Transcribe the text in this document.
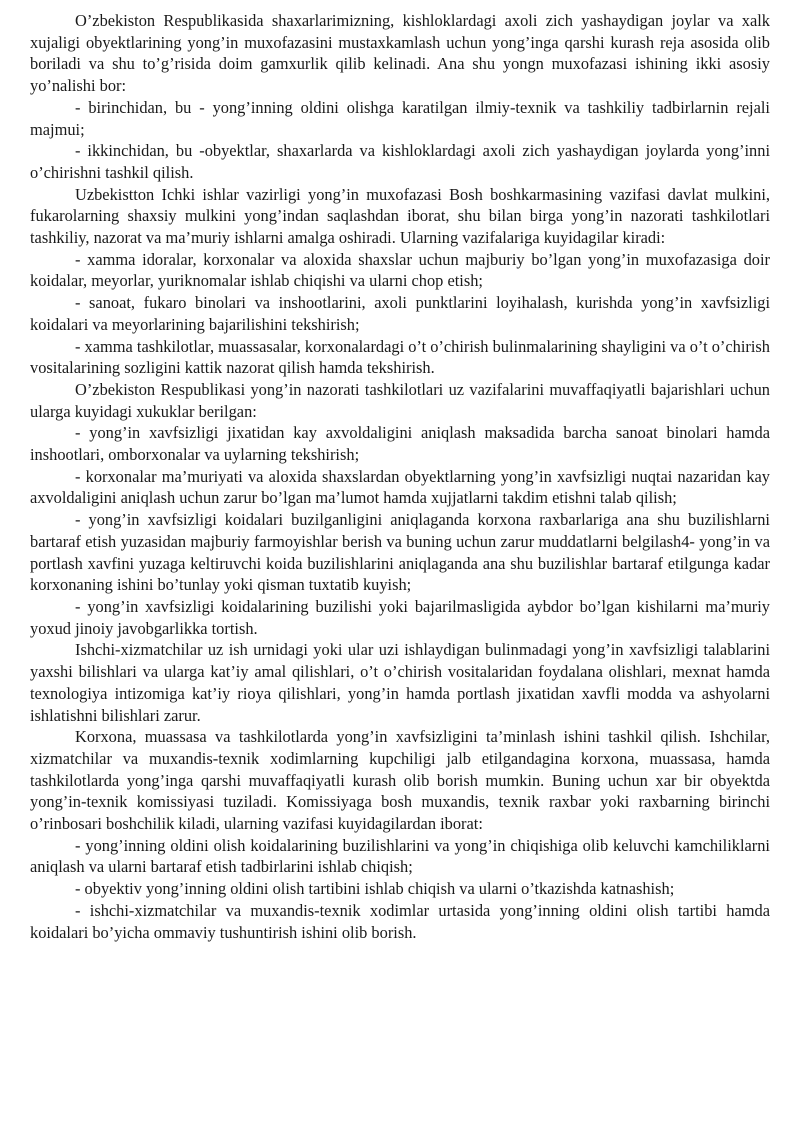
O’zbekiston Respublikasida shaxarlarimizning, kishloklardagi axoli zich yashaydigan joylar va xalk xujaligi obyektlarining yong’in muxofazasini mustaxkamlash uchun yong’inga qarshi kurash reja asosida olib boriladi va shu to’g’risida doim gamxurlik qilib kelinadi. Ana shu yongn muxofazasi ishining ikki asosiy yo’nalishi bor:

- birinchidan, bu - yong’inning oldini olishga karatilgan ilmiy-texnik va tashkiliy tadbirlarnin rejali majmui;

- ikkinchidan, bu -obyektlar, shaxarlarda va kishloklardagi axoli zich yashaydigan joylarda yong’inni o’chirishni tashkil qilish.

Uzbekistton Ichki ishlar vazirligi yong’in muxofazasi Bosh boshkarmasining vazifasi davlat mulkini, fukarolarning shaxsiy mulkini yong’indan saqlashdan iborat, shu bilan birga yong’in nazorati tashkilotlari tashkiliy, nazorat va ma’muriy ishlarni amalga oshiradi. Ularning vazifalariga kuyidagilar kiradi:

- xamma idoralar, korxonalar va aloxida shaxslar uchun majburiy bo’lgan yong’in muxofazasiga doir koidalar, meyorlar, yuriknomalar ishlab chiqishi va ularni chop etish;

- sanoat, fukaro binolari va inshootlarini, axoli punktlarini loyihalash, kurishda yong’in xavfsizligi koidalari va meyorlarining bajarilishini tekshirish;

- xamma tashkilotlar, muassasalar, korxonalardagi o’t o’chirish bulinmalarining shayligini va o’t o’chirish vositalarining sozligini kattik nazorat qilish hamda tekshirish.

O’zbekiston Respublikasi yong’in nazorati tashkilotlari uz vazifalarini muvaffaqiyatli bajarishlari uchun ularga kuyidagi xukuklar berilgan:

- yong’in xavfsizligi jixatidan kay axvoldaligini aniqlash maksadida barcha sanoat binolari hamda inshootlari, omborxonalar va uylarning tekshirish;

- korxonalar ma’muriyati va aloxida shaxslardan obyektlarning yong’in xavfsizligi nuqtai nazaridan kay axvoldaligini aniqlash uchun zarur bo’lgan ma’lumot hamda xujjatlarni takdim etishni talab qilish;

- yong’in xavfsizligi koidalari buzilganligini aniqlaganda korxona raxbarlariga ana shu buzilishlarni bartaraf etish yuzasidan majburiy farmoyishlar berish va buning uchun zarur muddatlarni belgilash4- yong’in va portlash xavfini yuzaga keltiruvchi koida buzilishlarini aniqlaganda ana shu buzilishlar bartaraf etilgunga kadar korxonaning ishini bo’tunlay yoki qisman tuxtatib kuyish;

- yong’in xavfsizligi koidalarining buzilishi yoki bajarilmasligida aybdor bo’lgan kishilarni ma’muriy yoxud jinoiy javobgarlikka tortish.

Ishchi-xizmatchilar uz ish urnidagi yoki ular uzi ishlaydigan bulinmadagi yong’in xavfsizligi talablarini yaxshi bilishlari va ularga kat’iy amal qilishlari, o’t o’chirish vositalaridan foydalana olishlari, mexnat hamda texnologiya intizomiga kat’iy rioya qilishlari, yong’in hamda portlash jixatidan xavfli modda va ashyolarni ishlatishni bilishlari zarur.

Korxona, muassasa va tashkilotlarda yong’in xavfsizligini ta’minlash ishini tashkil qilish. Ishchilar, xizmatchilar va muxandis-texnik xodimlarning kupchiligi jalb etilgandagina korxona, muassasa, hamda tashkilotlarda yong’inga qarshi muvaffaqiyatli kurash olib borish mumkin. Buning uchun xar bir obyektda yong’in-texnik komissiyasi tuziladi. Komissiyaga bosh muxandis, texnik raxbar yoki raxbarning birinchi o’rinbosari boshchilik kiladi, ularning vazifasi kuyidagilardan iborat:

- yong’inning oldini olish koidalarining buzilishlarini va yong’in chiqishiga olib keluvchi kamchiliklarni aniqlash va ularni bartaraf etish tadbirlarini ishlab chiqish;

- obyektiv yong’inning oldini olish tartibini ishlab chiqish va ularni o’tkazishda katnashish;

- ishchi-xizmatchilar va muxandis-texnik xodimlar urtasida yong’inning oldini olish tartibi hamda koidalari bo’yicha ommaviy tushuntirish ishini olib borish.
